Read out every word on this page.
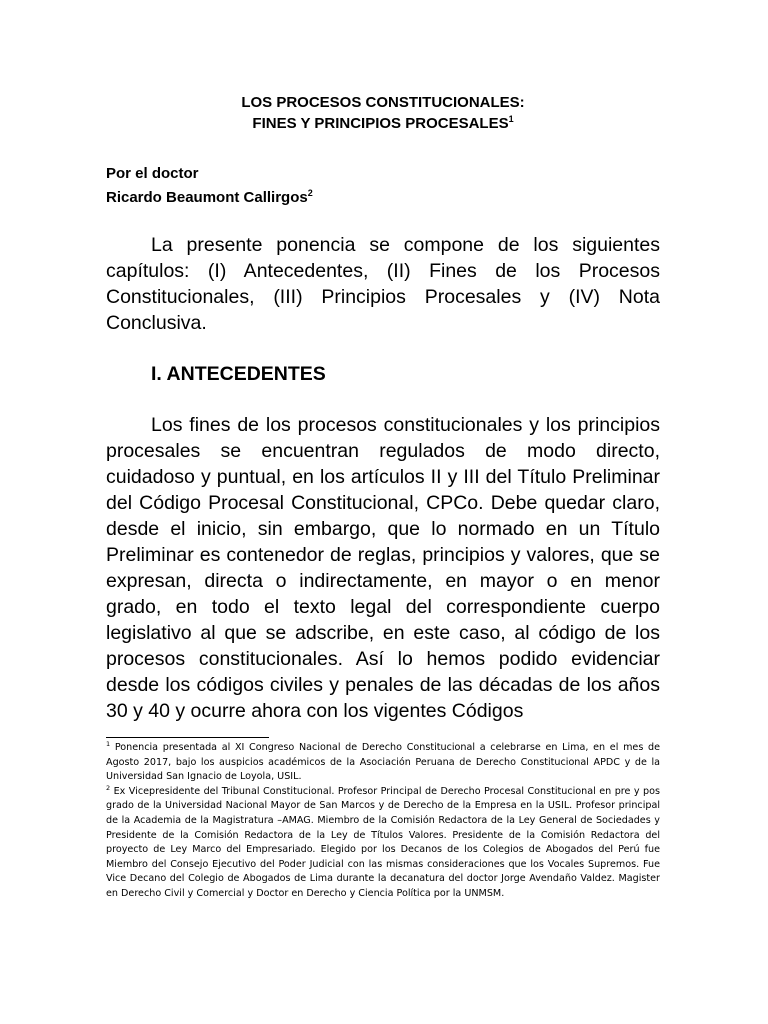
LOS PROCESOS CONSTITUCIONALES:
FINES Y PRINCIPIOS PROCESALES$^1$
Por el doctor
Ricardo Beaumont Callirgos$^2$

La presente ponencia se compone de los siguientes capítulos: (I) Antecedentes, (II) Fines de los Procesos Constitucionales, (III) Principios Procesales y (IV) Nota Conclusiva.

I. ANTECEDENTES

Los fines de los procesos constitucionales y los principios procesales se encuentran regulados de modo directo, cuidadoso y puntual, en los artículos II y III del Título Preliminar del Código Procesal Constitucional, CPCo. Debe quedar claro, desde el inicio, sin embargo, que lo normado en un Título Preliminar es contenedor de reglas, principios y valores, que se expresan, directa o indirectamente, en mayor o en menor grado, en todo el texto legal del correspondiente cuerpo legislativo al que se adscribe, en este caso, al código de los procesos constitucionales. Así lo hemos podido evidenciar desde los códigos civiles y penales de las décadas de los años 30 y 40 y ocurre ahora con los vigentes Códigos

$^1$ Ponencia presentada al XI Congreso Nacional de Derecho Constitucional a celebrarse en Lima, en el mes de Agosto 2017, bajo los auspicios académicos de la Asociación Peruana de Derecho Constitucional APDC y de la Universidad San Ignacio de Loyola, USIL.

$^2$ Ex Vicepresidente del Tribunal Constitucional. Profesor Principal de Derecho Procesal Constitucional en pre y pos grado de la Universidad Nacional Mayor de San Marcos y de Derecho de la Empresa en la USIL. Profesor principal de la Academia de la Magistratura –AMAG. Miembro de la Comisión Redactora de la Ley General de Sociedades y Presidente de la Comisión Redactora de la Ley de Títulos Valores. Presidente de la Comisión Redactora del proyecto de Ley Marco del Empresariado. Elegido por los Decanos de los Colegios de Abogados del Perú fue Miembro del Consejo Ejecutivo del Poder Judicial con las mismas consideraciones que los Vocales Supremos. Fue Vice Decano del Colegio de Abogados de Lima durante la decanatura del doctor Jorge Avendaño Valdez. Magister en Derecho Civil y Comercial y Doctor en Derecho y Ciencia Política por la UNMSM.
